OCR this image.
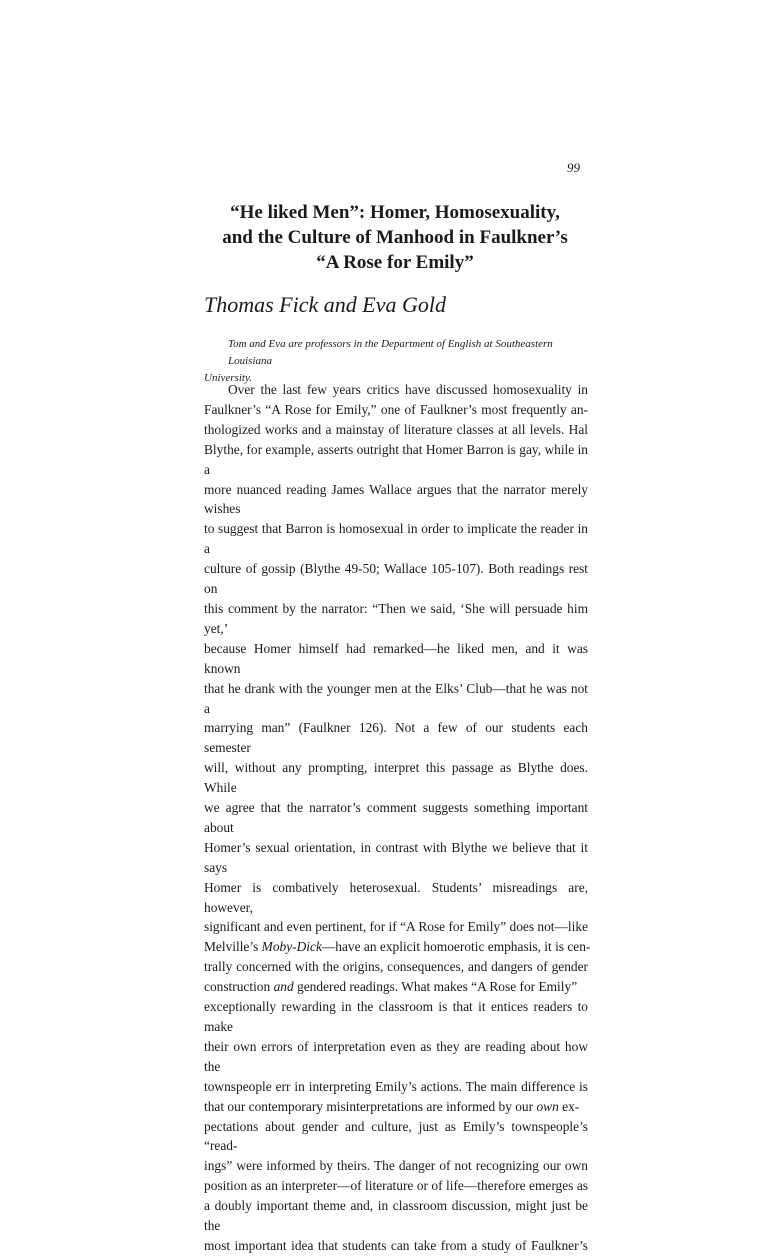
99
“He liked Men”: Homer, Homosexuality,
and the Culture of Manhood in Faulkner’s
“A Rose for Emily”
Thomas Fick and Eva Gold
Tom and Eva are professors in the Department of English at Southeastern Louisiana
University.
Over the last few years critics have discussed homosexuality in
Faulkner’s “A Rose for Emily,” one of Faulkner’s most frequently an-
thologized works and a mainstay of literature classes at all levels. Hal
Blythe, for example, asserts outright that Homer Barron is gay, while in a
more nuanced reading James Wallace argues that the narrator merely wishes
to suggest that Barron is homosexual in order to implicate the reader in a
culture of gossip (Blythe 49-50; Wallace 105-107). Both readings rest on
this comment by the narrator: “Then we said, ‘She will persuade him yet,’
because Homer himself had remarked—he liked men, and it was known
that he drank with the younger men at the Elks’ Club—that he was not a
marrying man” (Faulkner 126). Not a few of our students each semester
will, without any prompting, interpret this passage as Blythe does. While
we agree that the narrator’s comment suggests something important about
Homer’s sexual orientation, in contrast with Blythe we believe that it says
Homer is combatively heterosexual. Students’ misreadings are, however,
significant and even pertinent, for if “A Rose for Emily” does not—like
Melville’s Moby-Dick—have an explicit homoerotic emphasis, it is cen-
trally concerned with the origins, consequences, and dangers of gender
construction and gendered readings. What makes “A Rose for Emily”
exceptionally rewarding in the classroom is that it entices readers to make
their own errors of interpretation even as they are reading about how the
townspeople err in interpreting Emily’s actions. The main difference is
that our contemporary misinterpretations are informed by our own ex-
pectations about gender and culture, just as Emily’s townspeople’s “read-
ings” were informed by theirs. The danger of not recognizing our own
position as an interpreter—of literature or of life—therefore emerges as
a doubly important theme and, in classroom discussion, might just be the
most important idea that students can take from a study of Faulkner’s
